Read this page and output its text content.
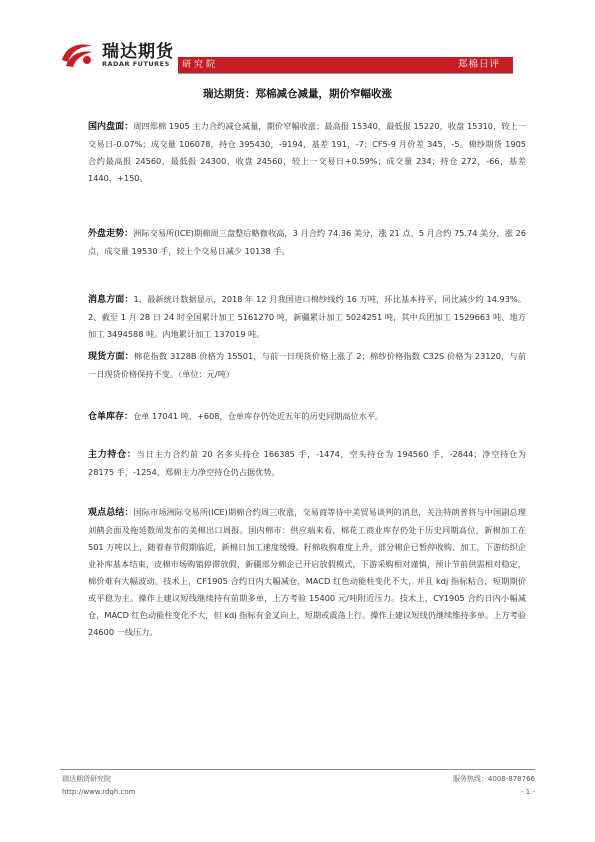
瑞达期货
RADAR FUTURES 研究院	郑棉日评
瑞达期货：郑棉减仓减量，期价窄幅收涨
国内盘面：周四郑棉 1905 主力合约减仓减量，期价窄幅收涨；最高报 15340，最低报 15220，收盘 15310，较上一交易日-0.07%；成交量 106078，持仓 395430，-9194，基差 191，-7；CF5-9 月价差 345，-5。棉纱期货 1905 合约最高报 24560，最低报 24300，收盘 24560，较上一交易日+0.59%；成交量 234；持仓 272，-66，基差 1440，+150。
外盘走势：洲际交易所(ICE)期棉周三盘整后略微收高，3 月合约 74.36 美分，涨 21 点，5 月合约 75.74 美分，涨 26 点，成交量 19530 手，较上个交易日减少 10138 手。
消息方面：1、最新统计数据显示，2018 年 12 月我国进口棉纱线约 16 万吨，环比基本持平，同比减少约 14.93%。 2、截至 1 月 28 日 24 时全国累计加工 5161270 吨，新疆累计加工 5024251 吨，其中兵团加工 1529663 吨、地方加工 3494588 吨。内地累计加工 137019 吨。
现货方面：棉花指数 3128B 价格为 15501，与前一日现货价格上涨了 2；棉纱价格指数 C32S 价格为 23120，与前一日现货价格保持不变。（单位：元/吨）
仓单库存：仓单 17041 吨，+608，仓单库存仍处近五年的历史同期高位水平。
主力持仓：当日主力合约前 20 名多头持仓 166385 手，-1474，空头持仓为 194560 手，-2844；净空持仓为 28175 手，-1254，郑棉主力净空持仓仍占据优势。
观点总结：国际市场洲际交易所(ICE)期棉合约周三收涨，交易商等待中美贸易谈判的消息，关注特朗普将与中国副总理刘鹤会面及拖延数周发布的美棉出口周报。国内棉市：供应端来看，棉花工商业库存仍处于历史同期高位，新棉加工在 501 万吨以上，随着春节假期临近，新棉日加工速度缓慢。籽棉收购难度上升，部分棉企已暂停收购、加工，下游纺织企业补库基本结束，皮棉市场购销停滞放假，新疆部分棉企已开启放假模式，下游采购相对谨慎，预计节前供需相对稳定，棉价难有大幅波动。技术上，CF1905 合约日内大幅减仓，MACD 红色动能柱变化不大，并且 kdj 指标粘合，短期期价或平稳为主。操作上建议短线继续持有前期多单，上方考验 15400 元/吨附近压力。技术上，CY1905 合约日内小幅减仓，MACD 红色动能柱变化不大，但 kdj 指标有金叉向上，短期或震荡上行。操作上建议短线仍继续维持多单。上方考验 24600 一线压力。
瑞达期货研究院
http://www.rdqh.com
服务热线：4008-878766
- 1 -
